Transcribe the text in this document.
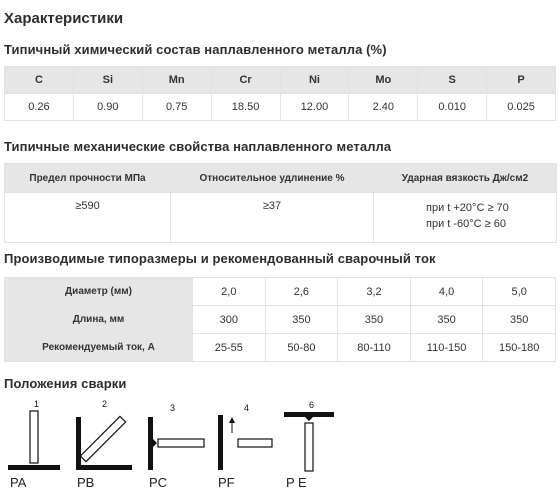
Характеристики
Типичный химический состав наплавленного металла (%)
C	Si	Mn	Cr	Ni	Mo	S	P
0.26	0.90	0.75	18.50	12.00	2.40	0.010	0.025
Типичные механические свойства наплавленного металла
Предел прочности МПа	Относительное удлинение %	Ударная вязкость Дж/см2
≥590	≥37	при t +20°C ≥ 70
при t -60°C ≥ 60
Производимые типоразмеры и рекомендованный сварочный ток
Диаметр (мм)	2,0	2,6	3,2	4,0	5,0
Длина, мм	300	350	350	350	350
Рекомендуемый ток, А	25-55	50-80	80-110	110-150	150-180
Положения сварки
1	2	3	4	6
PA	PB	PC	PF	P E
